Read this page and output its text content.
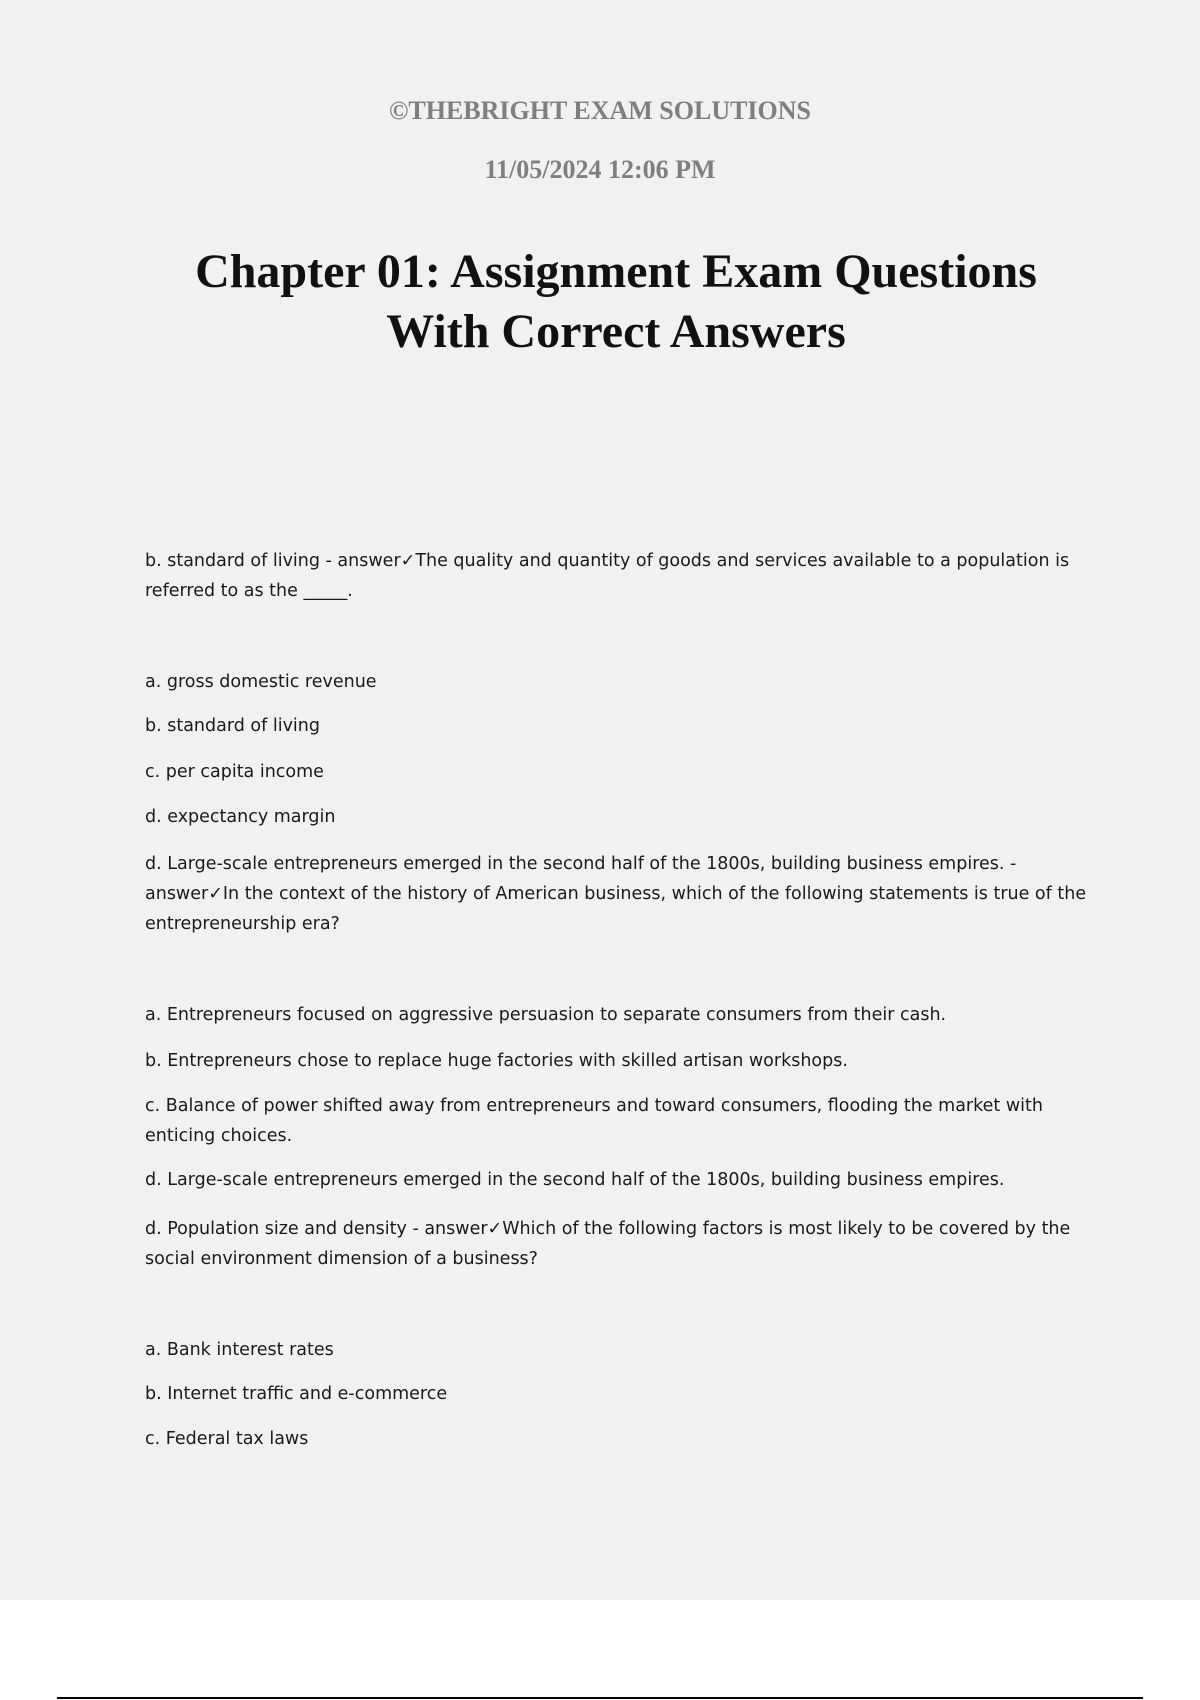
©THEBRIGHT EXAM SOLUTIONS
11/05/2024 12:06 PM
Chapter 01: Assignment Exam Questions
With Correct Answers

b. standard of living - answer✓The quality and quantity of goods and services available to a population is referred to as the _____.

a. gross domestic revenue

b. standard of living

c. per capita income

d. expectancy margin

d. Large-scale entrepreneurs emerged in the second half of the 1800s, building business empires. - answer✓In the context of the history of American business, which of the following statements is true of the entrepreneurship era?

a. Entrepreneurs focused on aggressive persuasion to separate consumers from their cash.

b. Entrepreneurs chose to replace huge factories with skilled artisan workshops.

c. Balance of power shifted away from entrepreneurs and toward consumers, flooding the market with enticing choices.

d. Large-scale entrepreneurs emerged in the second half of the 1800s, building business empires.

d. Population size and density - answer✓Which of the following factors is most likely to be covered by the social environment dimension of a business?

a. Bank interest rates

b. Internet traffic and e-commerce

c. Federal tax laws
